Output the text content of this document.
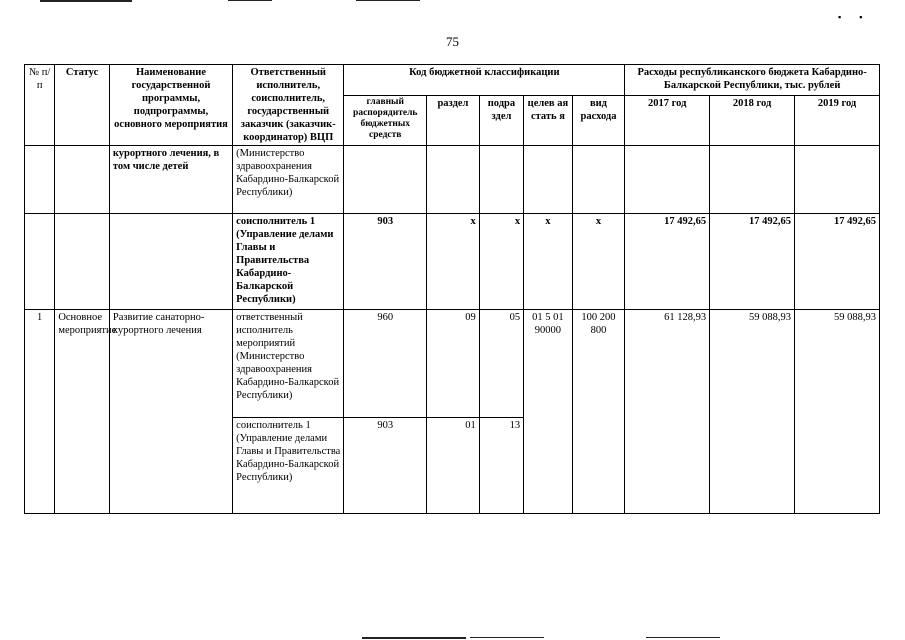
▪▪
75
№ п/п	Статус	Наименование государственной программы, подпрограммы, основного мероприятия	Ответственный исполнитель, соисполнитель, государственный заказчик (заказчик-координатор) ВЦП	Код бюджетной классификации					Расходы республиканского бюджета Кабардино-Балкарской Республики, тыс. рублей		
				главный распорядитель бюджетных средств	раздел	подра здел	целев ая стать я	вид расхода	2017 год	2018 год	2019 год
		курортного лечения, в том числе детей	(Министерство здравоохранения Кабардино-Балкарской Республики)								
			соисполнитель 1 (Управление делами Главы и Правительства Кабардино-Балкарской Республики)	903	x	x	x	x	17 492,65	17 492,65	17 492,65
1	Основное мероприятие	Развитие санаторно-курортного лечения	ответственный исполнитель мероприятий (Министерство здравоохранения Кабардино-Балкарской Республики)	960	09	05	01 5 01 90000	100 200 800	61 128,93	59 088,93	59 088,93
			соисполнитель 1 (Управление делами Главы и Правительства Кабардино-Балкарской Республики)	903	01	13					
